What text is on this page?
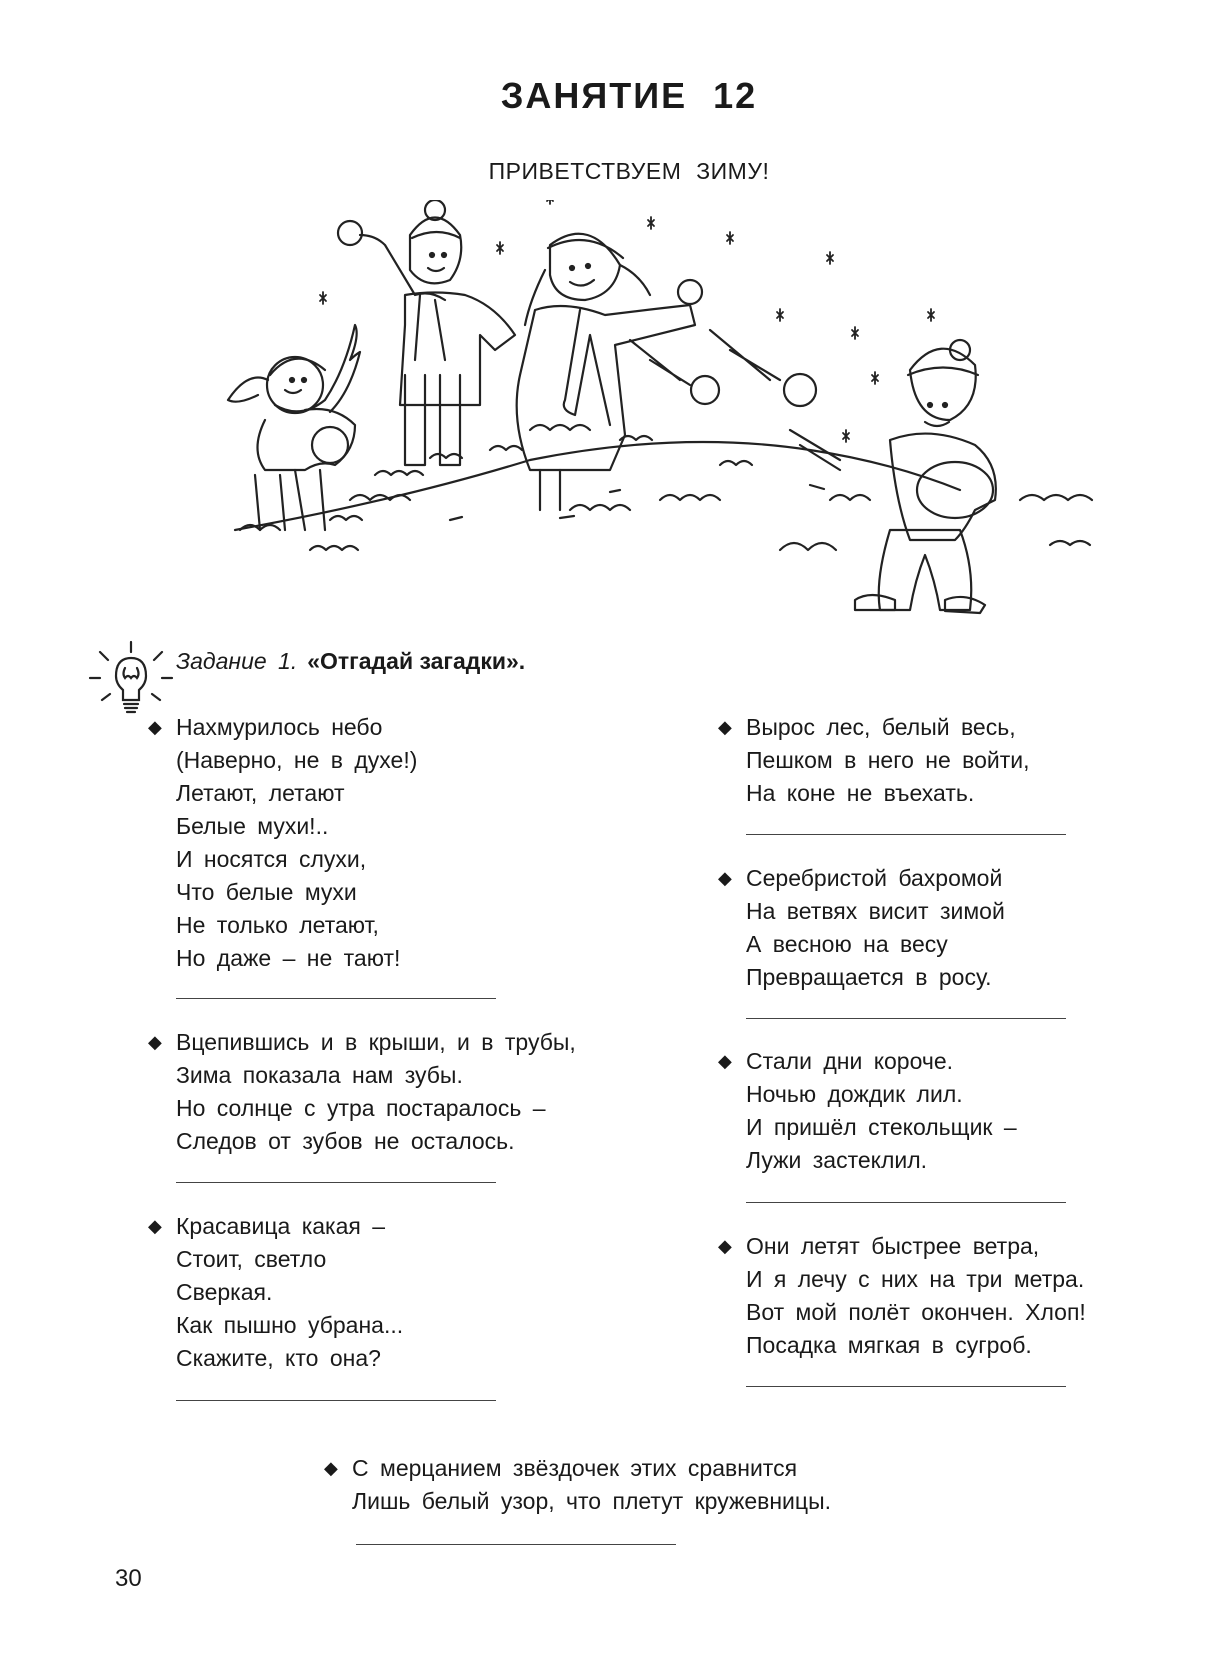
ЗАНЯТИЕ 12
ПРИВЕТСТВУЕМ ЗИМУ!
Задание 1. «Отгадай загадки».
◆ Нахмурилось небо
(Наверно, не в духе!)
Летают, летают
Белые мухи!..
И носятся слухи,
Что белые мухи
Не только летают,
Но даже – не тают!
◆ Вцепившись и в крыши, и в трубы,
Зима показала нам зубы.
Но солнце с утра постаралось –
Следов от зубов не осталось.
◆ Красавица какая –
Стоит, светло
Сверкая.
Как пышно убрана...
Скажите, кто она?
◆ Вырос лес, белый весь,
Пешком в него не войти,
На коне не въехать.
◆ Серебристой бахромой
На ветвях висит зимой
А весною на весу
Превращается в росу.
◆ Стали дни короче.
Ночью дождик лил.
И пришёл стекольщик –
Лужи застеклил.
◆ Они летят быстрее ветра,
И я лечу с них на три метра.
Вот мой полёт окончен. Хлоп!
Посадка мягкая в сугроб.
◆ С мерцанием звёздочек этих сравнится
Лишь белый узор, что плетут кружевницы.
30
